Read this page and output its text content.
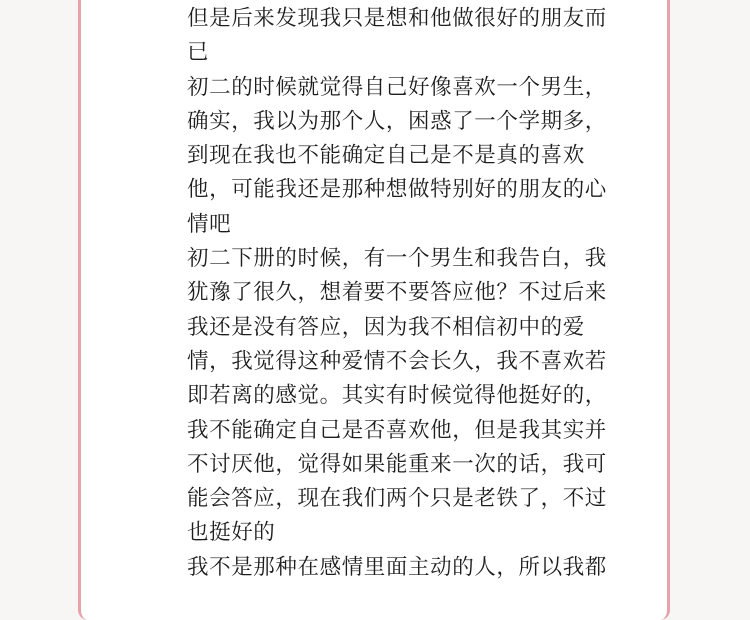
但是后来发现我只是想和他做很好的朋友而
已
初二的时候就觉得自己好像喜欢一个男生，
确实，我以为那个人，困惑了一个学期多，
到现在我也不能确定自己是不是真的喜欢
他，可能我还是那种想做特别好的朋友的心
情吧
初二下册的时候，有一个男生和我告白，我
犹豫了很久，想着要不要答应他？不过后来
我还是没有答应，因为我不相信初中的爱
情，我觉得这种爱情不会长久，我不喜欢若
即若离的感觉。其实有时候觉得他挺好的，
我不能确定自己是否喜欢他，但是我其实并
不讨厌他，觉得如果能重来一次的话，我可
能会答应，现在我们两个只是老铁了，不过
也挺好的
我不是那种在感情里面主动的人，所以我都
